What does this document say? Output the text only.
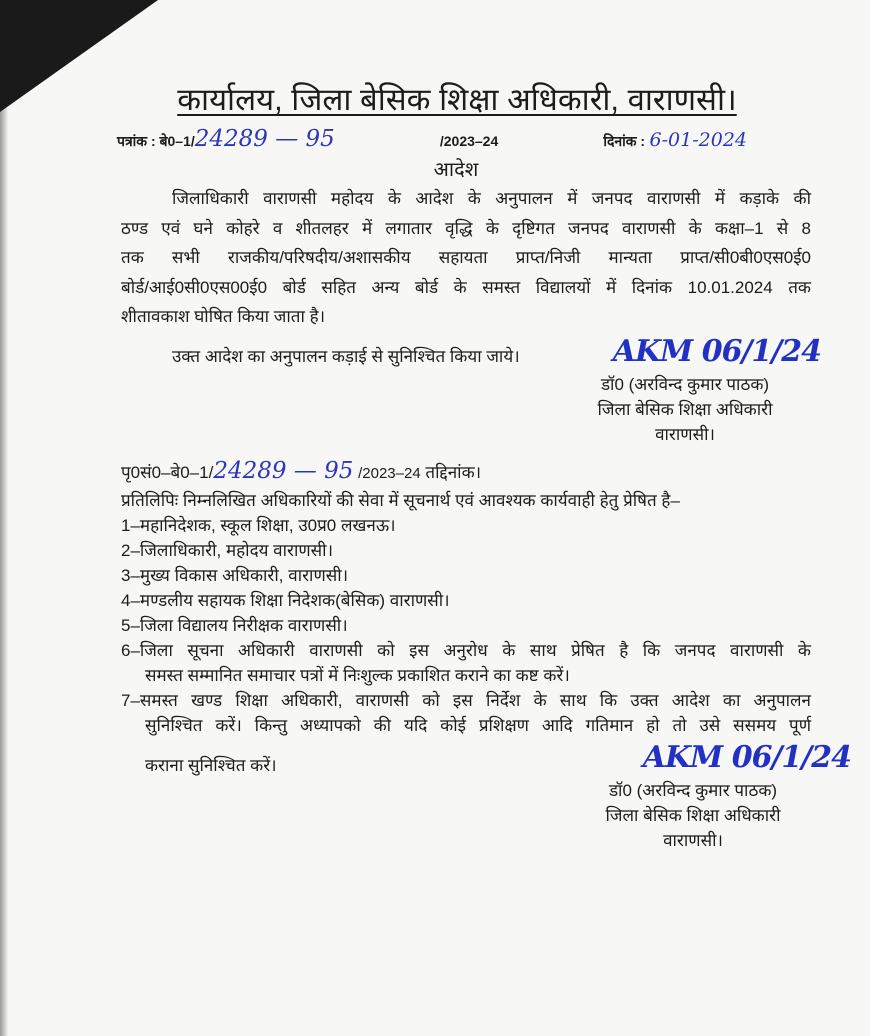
कार्यालय, जिला बेसिक शिक्षा अधिकारी, वाराणसी।
पत्रांक : बे0–1/24289 — 95	/2023–24	दिनांक : 6-01-2024
आदेश
जिलाधिकारी वाराणसी महोदय के आदेश के अनुपालन में जनपद वाराणसी में कड़ाके की
ठण्ड एवं घने कोहरे व शीतलहर में लगातार वृद्धि के दृष्टिगत जनपद वाराणसी के कक्षा–1 से 8
तक सभी राजकीय/परिषदीय/अशासकीय सहायता प्राप्त/निजी मान्यता प्राप्त/सी0बी0एस0ई0
बोर्ड/आई0सी0एस00ई0 बोर्ड सहित अन्य बोर्ड के समस्त विद्यालयों में दिनांक 10.01.2024 तक
शीतावकाश घोषित किया जाता है।
उक्त आदेश का अनुपालन कड़ाई से सुनिश्चित किया जाये।	AKM 06/1/24
डॉ0 (अरविन्द कुमार पाठक)
जिला बेसिक शिक्षा अधिकारी
वाराणसी।
पृ0सं0–बे0–1/24289 — 95 /2023–24 तद्दिनांक।
प्रतिलिपिः निम्नलिखित अधिकारियों की सेवा में सूचनार्थ एवं आवश्यक कार्यवाही हेतु प्रेषित है–
1–महानिदेशक, स्कूल शिक्षा, उ0प्र0 लखनऊ।
2–जिलाधिकारी, महोदय वाराणसी।
3–मुख्य विकास अधिकारी, वाराणसी।
4–मण्डलीय सहायक शिक्षा निदेशक(बेसिक) वाराणसी।
5–जिला विद्यालय निरीक्षक वाराणसी।
6–जिला सूचना अधिकारी वाराणसी को इस अनुरोध के साथ प्रेषित है कि जनपद वाराणसी के
समस्त सम्मानित समाचार पत्रों में निःशुल्क प्रकाशित कराने का कष्ट करें।
7–समस्त खण्ड शिक्षा अधिकारी, वाराणसी को इस निर्देश के साथ कि उक्त आदेश का अनुपालन
सुनिश्चित करें। किन्तु अध्यापको की यदि कोई प्रशिक्षण आदि गतिमान हो तो उसे ससमय पूर्ण
कराना सुनिश्चित करें।	AKM 06/1/24
डॉ0 (अरविन्द कुमार पाठक)
जिला बेसिक शिक्षा अधिकारी
वाराणसी।
